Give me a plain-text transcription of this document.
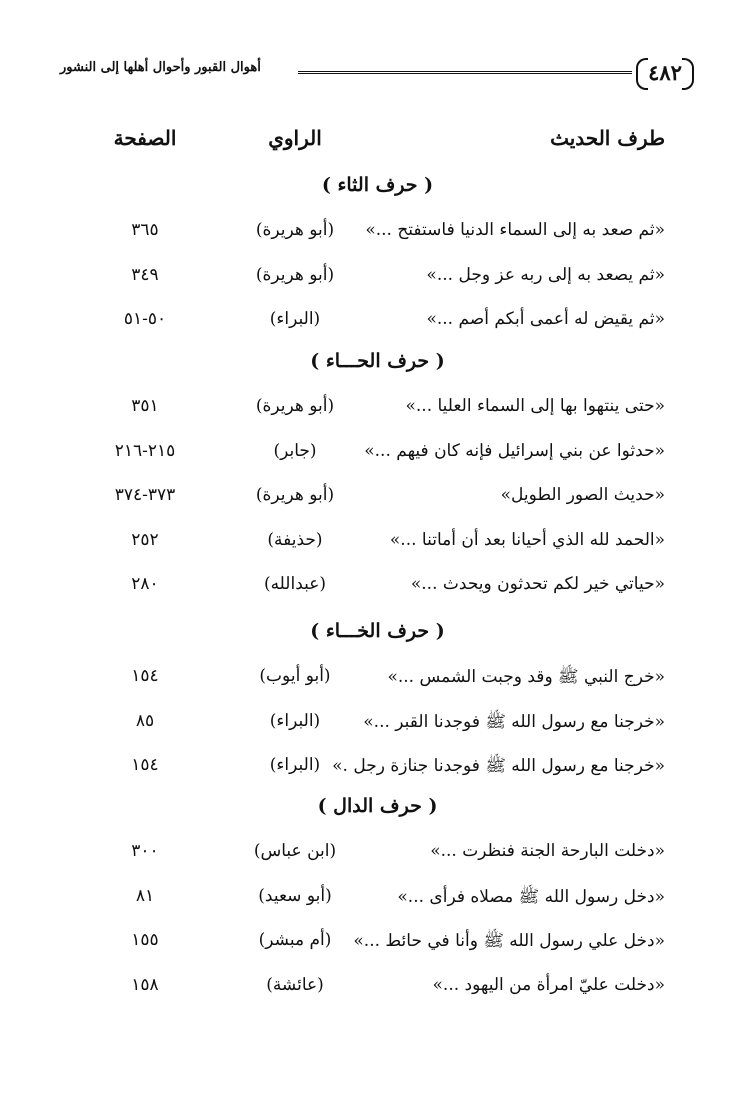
٤٨٢
أهوال القبور وأحوال أهلها إلى النشور
طرف الحديث
الراوي
الصفحة
( حرف الثاء )
«ثم صعد به إلى السماء الدنيا فاستفتح ...»
(أبو هريرة)
٣٦٥
«ثم يصعد به إلى ربه عز وجل ...»
(أبو هريرة)
٣٤٩
«ثم يقيض له أعمى أبكم أصم ...»
(البراء)
٥٠-٥١
( حرف الحـــاء )
«حتى ينتهوا بها إلى السماء العليا ...»
(أبو هريرة)
٣٥١
«حدثوا عن بني إسرائيل فإنه كان فيهم ...»
(جابر)
٢١٥-٢١٦
«حديث الصور الطويل»
(أبو هريرة)
٣٧٣-٣٧٤
«الحمد لله الذي أحيانا بعد أن أماتنا ...»
(حذيفة)
٢٥٢
«حياتي خير لكم تحدثون ويحدث ...»
(عبدالله)
٢٨٠
( حرف الخـــاء )
«خرج النبي ﷺ وقد وجبت الشمس ...»
(أبو أيوب)
١٥٤
«خرجنا مع رسول الله ﷺ فوجدنا القبر ...»
(البراء)
٨٥
«خرجنا مع رسول الله ﷺ فوجدنا جنازة رجل .»
(البراء)
١٥٤
( حرف الدال )
«دخلت البارحة الجنة فنظرت ...»
(ابن عباس)
٣٠٠
«دخل رسول الله ﷺ مصلاه فرأى ...»
(أبو سعيد)
٨١
«دخل علي رسول الله ﷺ وأنا في حائط ...»
(أم مبشر)
١٥٥
«دخلت عليّ امرأة من اليهود ...»
(عائشة)
١٥٨
